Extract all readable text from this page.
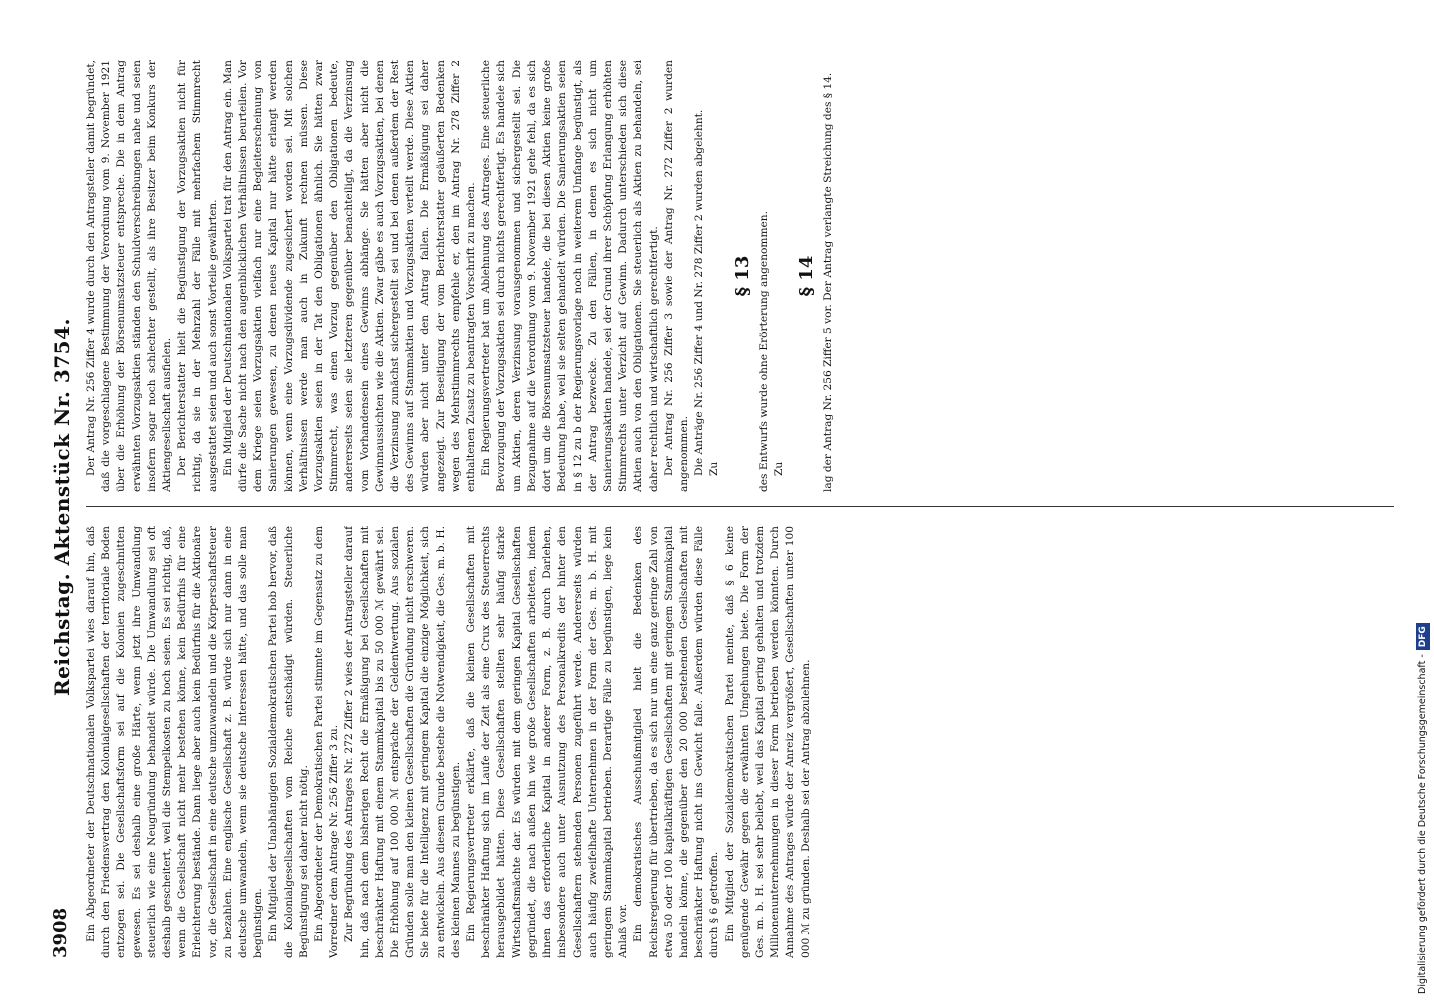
3908
Reichstag. Aktenstück Nr. 3754.

Ein Abgeordneter der Deutschnationalen Volkspartei wies darauf hin, daß durch den Friedensvertrag den Kolonialgesellschaften der territoriale Boden entzogen sei. Die Gesellschaftsform sei auf die Kolonien zugeschnitten gewesen. Es sei deshalb eine große Härte, wenn jetzt ihre Umwandlung steuerlich wie eine Neugründung behandelt würde. Die Umwandlung sei oft deshalb gescheitert, weil die Stempelkosten zu hoch seien. Es sei richtig, daß, wenn die Gesellschaft nicht mehr bestehen könne, kein Bedürfnis für eine Erleichterung bestände. Dann liege aber auch kein Bedürfnis für die Aktionäre vor, die Gesellschaft in eine deutsche umzuwandeln und die Körperschaftsteuer zu bezahlen. Eine englische Gesellschaft z. B. würde sich nur dann in eine deutsche umwandeln, wenn sie deutsche Interessen hätte, und das solle man begünstigen. Ein Mitglied der Unabhängigen Sozialdemokratischen Partei hob hervor, daß die Kolonialgesellschaften vom Reiche entschädigt würden. Steuerliche Begünstigung sei daher nicht nötig. Ein Abgeordneter der Demokratischen Partei stimmte im Gegensatz zu dem Vorredner dem Antrage Nr. 256 Ziffer 3 zu. Zur Begründung des Antrages Nr. 272 Ziffer 2 wies der Antragsteller darauf hin, daß nach dem bisherigen Recht die Ermäßigung bei Gesellschaften mit beschränkter Haftung mit einem Stammkapital bis zu 50 000 ℳ gewährt sei. Die Erhöhung auf 100 000 ℳ entspräche der Geldentwertung. Aus sozialen Gründen solle man den kleinen Gesellschaften die Gründung nicht erschweren. Sie biete für die Intelligenz mit geringem Kapital die einzige Möglichkeit, sich zu entwickeln. Aus diesem Grunde bestehe die Notwendigkeit, die Ges. m. b. H. des kleinen Mannes zu begünstigen. Ein Regierungsvertreter erklärte, daß die kleinen Gesellschaften mit beschränkter Haftung sich im Laufe der Zeit als eine Crux des Steuerrechts herausgebildet hätten. Diese Gesellschaften stellten sehr häufig starke Wirtschaftsmächte dar. Es würden mit dem geringen Kapital Gesellschaften gegründet, die nach außen hin wie große Gesellschaften arbeiteten, indem ihnen das erforderliche Kapital in anderer Form, z. B. durch Darlehen, insbesondere auch unter Ausnutzung des Personalkredits der hinter den Gesellschaftern stehenden Personen zugeführt werde. Andererseits würden auch häufig zweifelhafte Unternehmen in der Form der Ges. m. b. H. mit geringem Stammkapital betrieben. Derartige Fälle zu begünstigen, liege kein Anlaß vor. Ein demokratisches Ausschußmitglied hielt die Bedenken des Reichsregierung für übertrieben, da es sich nur um eine ganz geringe Zahl von etwa 50 oder 100 kapitalkräftigen Gesellschaften mit geringem Stammkapital handeln könne, die gegenüber den 20 000 bestehenden Gesellschaften mit beschränkter Haftung nicht ins Gewicht falle. Außerdem würden diese Fälle durch § 6 getroffen. Ein Mitglied der Sozialdemokratischen Partei meinte, daß § 6 keine genügende Gewähr gegen die erwähnten Umgehungen biete. Die Form der Ges. m. b. H. sei sehr beliebt, weil das Kapital gering gehalten und trotzdem Millionenunternehmungen in dieser Form betrieben werden könnten. Durch Annahme des Antrages würde der Anreiz vergrößert, Gesellschaften unter 100 000 ℳ zu gründen. Deshalb sei der Antrag abzulehnen.

Der Antrag Nr. 256 Ziffer 4 wurde durch den Antragsteller damit begründet, daß die vorgeschlagene Bestimmung der Verordnung vom 9. November 1921 über die Erhöhung der Börsenumsatzsteuer entspreche. Die in dem Antrag erwähnten Vorzugsaktien ständen den Schuldverschreibungen nahe und seien insofern sogar noch schlechter gestellt, als ihre Besitzer beim Konkurs der Aktiengesellschaft ausfielen. Der Berichterstatter hielt die Begünstigung der Vorzugsaktien nicht für richtig, da sie in der Mehrzahl der Fälle mit mehrfachem Stimmrecht ausgestattet seien und auch sonst Vorteile gewährten. Ein Mitglied der Deutschnationalen Volkspartei trat für den Antrag ein. Man dürfe die Sache nicht nach den augenblicklichen Verhältnissen beurteilen. Vor dem Kriege seien Vorzugsaktien vielfach nur eine Begleiterscheinung von Sanierungen gewesen, zu denen neues Kapital nur hätte erlangt werden können, wenn eine Vorzugsdividende zugesichert worden sei. Mit solchen Verhältnissen werde man auch in Zukunft rechnen müssen. Diese Vorzugsaktien seien in der Tat den Obligationen ähnlich. Sie hätten zwar Stimmrecht, was einen Vorzug gegenüber den Obligationen bedeute, andererseits seien sie letzteren gegenüber benachteiligt, da die Verzinsung vom Vorhandensein eines Gewinns abhänge. Sie hätten aber nicht die Gewinnaussichten wie die Aktien. Zwar gäbe es auch Vorzugsaktien, bei denen die Verzinsung zunächst sichergestellt sei und bei denen außerdem der Rest des Gewinns auf Stammaktien und Vorzugsaktien verteilt werde. Diese Aktien würden aber nicht unter den Antrag fallen. Die Ermäßigung sei daher angezeigt. Zur Beseitigung der vom Berichterstatter geäußerten Bedenken wegen des Mehrstimmrechts empfehle er, den im Antrag Nr. 278 Ziffer 2 enthaltenen Zusatz zu beantragten Vorschrift zu machen. Ein Regierungsvertreter bat um Ablehnung des Antrages. Eine steuerliche Bevorzugung der Vorzugsaktien sei durch nichts gerechtfertigt. Es handele sich um Aktien, deren Verzinsung vorausgenommen und sichergestellt sei. Die Bezugnahme auf die Verordnung vom 9. November 1921 gehe fehl, da es sich dort um die Börsenumsatzsteuer handele, die bei diesen Aktien keine große Bedeutung habe, weil sie selten gehandelt würden. Die Sanierungsaktien seien in § 12 zu b der Regierungsvorlage noch in weiterem Umfange begünstigt, als der Antrag bezwecke. Zu den Fällen, in denen es sich nicht um Sanierungsaktien handele, sei der Grund ihrer Schöpfung Erlangung erhöhten Stimmrechts unter Verzicht auf Gewinn. Dadurch unterschieden sich diese Aktien auch von den Obligationen. Sie steuerlich als Aktien zu behandeln, sei daher rechtlich und wirtschaftlich gerechtfertigt. Der Antrag Nr. 256 Ziffer 3 sowie der Antrag Nr. 272 Ziffer 2 wurden angenommen. Die Anträge Nr. 256 Ziffer 4 und Nr. 278 Ziffer 2 wurden abgelehnt. Zu

§ 13 des Entwurfs wurde ohne Erörterung angenommen. Zu

§ 14 lag der Antrag Nr. 256 Ziffer 5 vor. Der Antrag verlangte Streichung des § 14.

Digitalisierung gefördert durch die Deutsche Forschungsgemeinschaft -DFG
